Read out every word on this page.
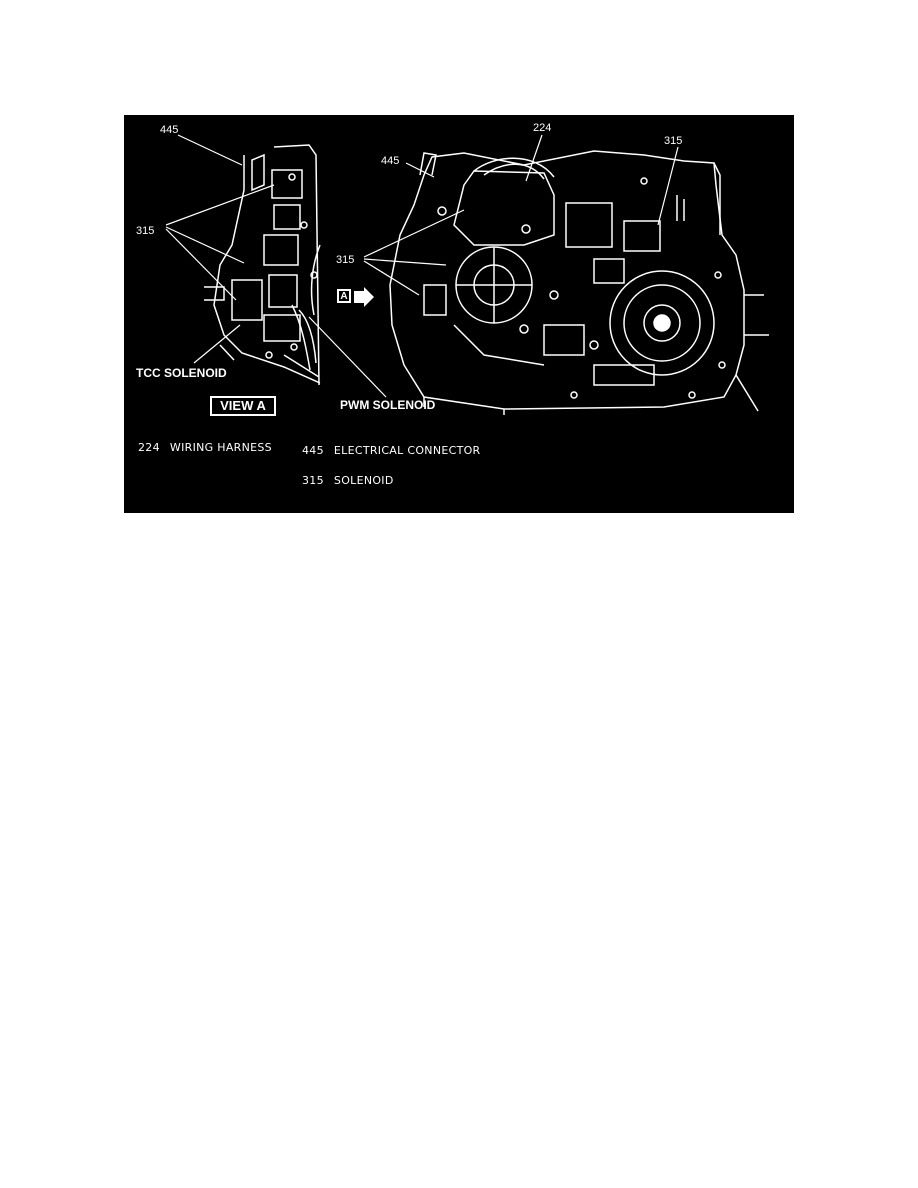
445
315
224
445
315
315
TCC SOLENOID
PWM SOLENOID
VIEW A
A
224 WIRING HARNESS	445 ELECTRICAL CONNECTOR
315 SOLENOID
